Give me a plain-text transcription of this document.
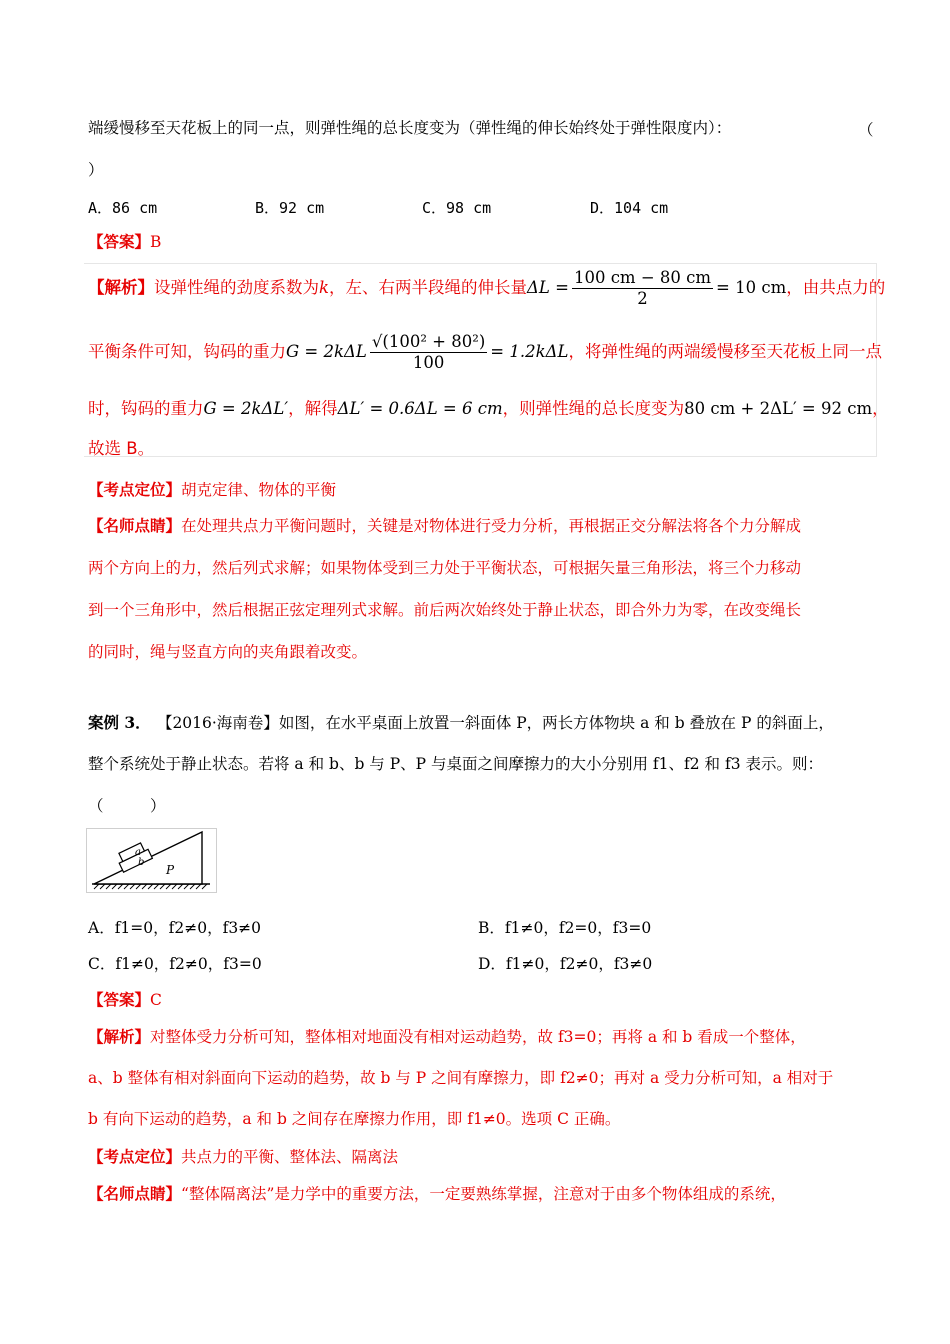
端缓慢移至天花板上的同一点，则弹性绳的总长度变为（弹性绳的伸长始终处于弹性限度内）：	（
）
A．86 cm	B．92 cm	C．98 cm	D．104 cm
【答案】B
【解析】设弹性绳的劲度系数为k，左、右两半段绳的伸长量$\Delta L = \frac{100 cm - 80 cm}{2} = 10$ cm，由共点力的
平衡条件可知，钩码的重力$G = 2k\Delta L \frac{\text{√(100² + 80²)}}{100} = 1.2k\Delta L$，将弹性绳的两端缓慢移至天花板上同一点
时，钩码的重力G = 2kΔL′，解得ΔL′ = 0.6ΔL = 6 cm，则弹性绳的总长度变为80 cm + 2ΔL′ = 92 cm，
故选 B。
【考点定位】胡克定律、物体的平衡
【名师点睛】在处理共点力平衡问题时，关键是对物体进行受力分析，再根据正交分解法将各个力分解成
两个方向上的力，然后列式求解；如果物体受到三力处于平衡状态，可根据矢量三角形法，将三个力移动
到一个三角形中，然后根据正弦定理列式求解。前后两次始终处于静止状态，即合外力为零，在改变绳长
的同时，绳与竖直方向的夹角跟着改变。
案例 3． 【2016·海南卷】如图，在水平桌面上放置一斜面体 P，两长方体物块 a 和 b 叠放在 P 的斜面上，
整个系统处于静止状态。若将 a 和 b、b 与 P、P 与桌面之间摩擦力的大小分别用 f1、f2 和 f3 表示。则：
（　　　）
a
b
P
A．f1=0，f2≠0，f3≠0	B．f1≠0，f2=0，f3=0
C．f1≠0，f2≠0，f3=0	D．f1≠0，f2≠0，f3≠0
【答案】C
【解析】对整体受力分析可知，整体相对地面没有相对运动趋势，故 f3=0；再将 a 和 b 看成一个整体，
a、b 整体有相对斜面向下运动的趋势，故 b 与 P 之间有摩擦力，即 f2≠0；再对 a 受力分析可知，a 相对于
b 有向下运动的趋势，a 和 b 之间存在摩擦力作用，即 f1≠0。选项 C 正确。
【考点定位】共点力的平衡、整体法、隔离法
【名师点睛】“整体隔离法”是力学中的重要方法，一定要熟练掌握，注意对于由多个物体组成的系统，
